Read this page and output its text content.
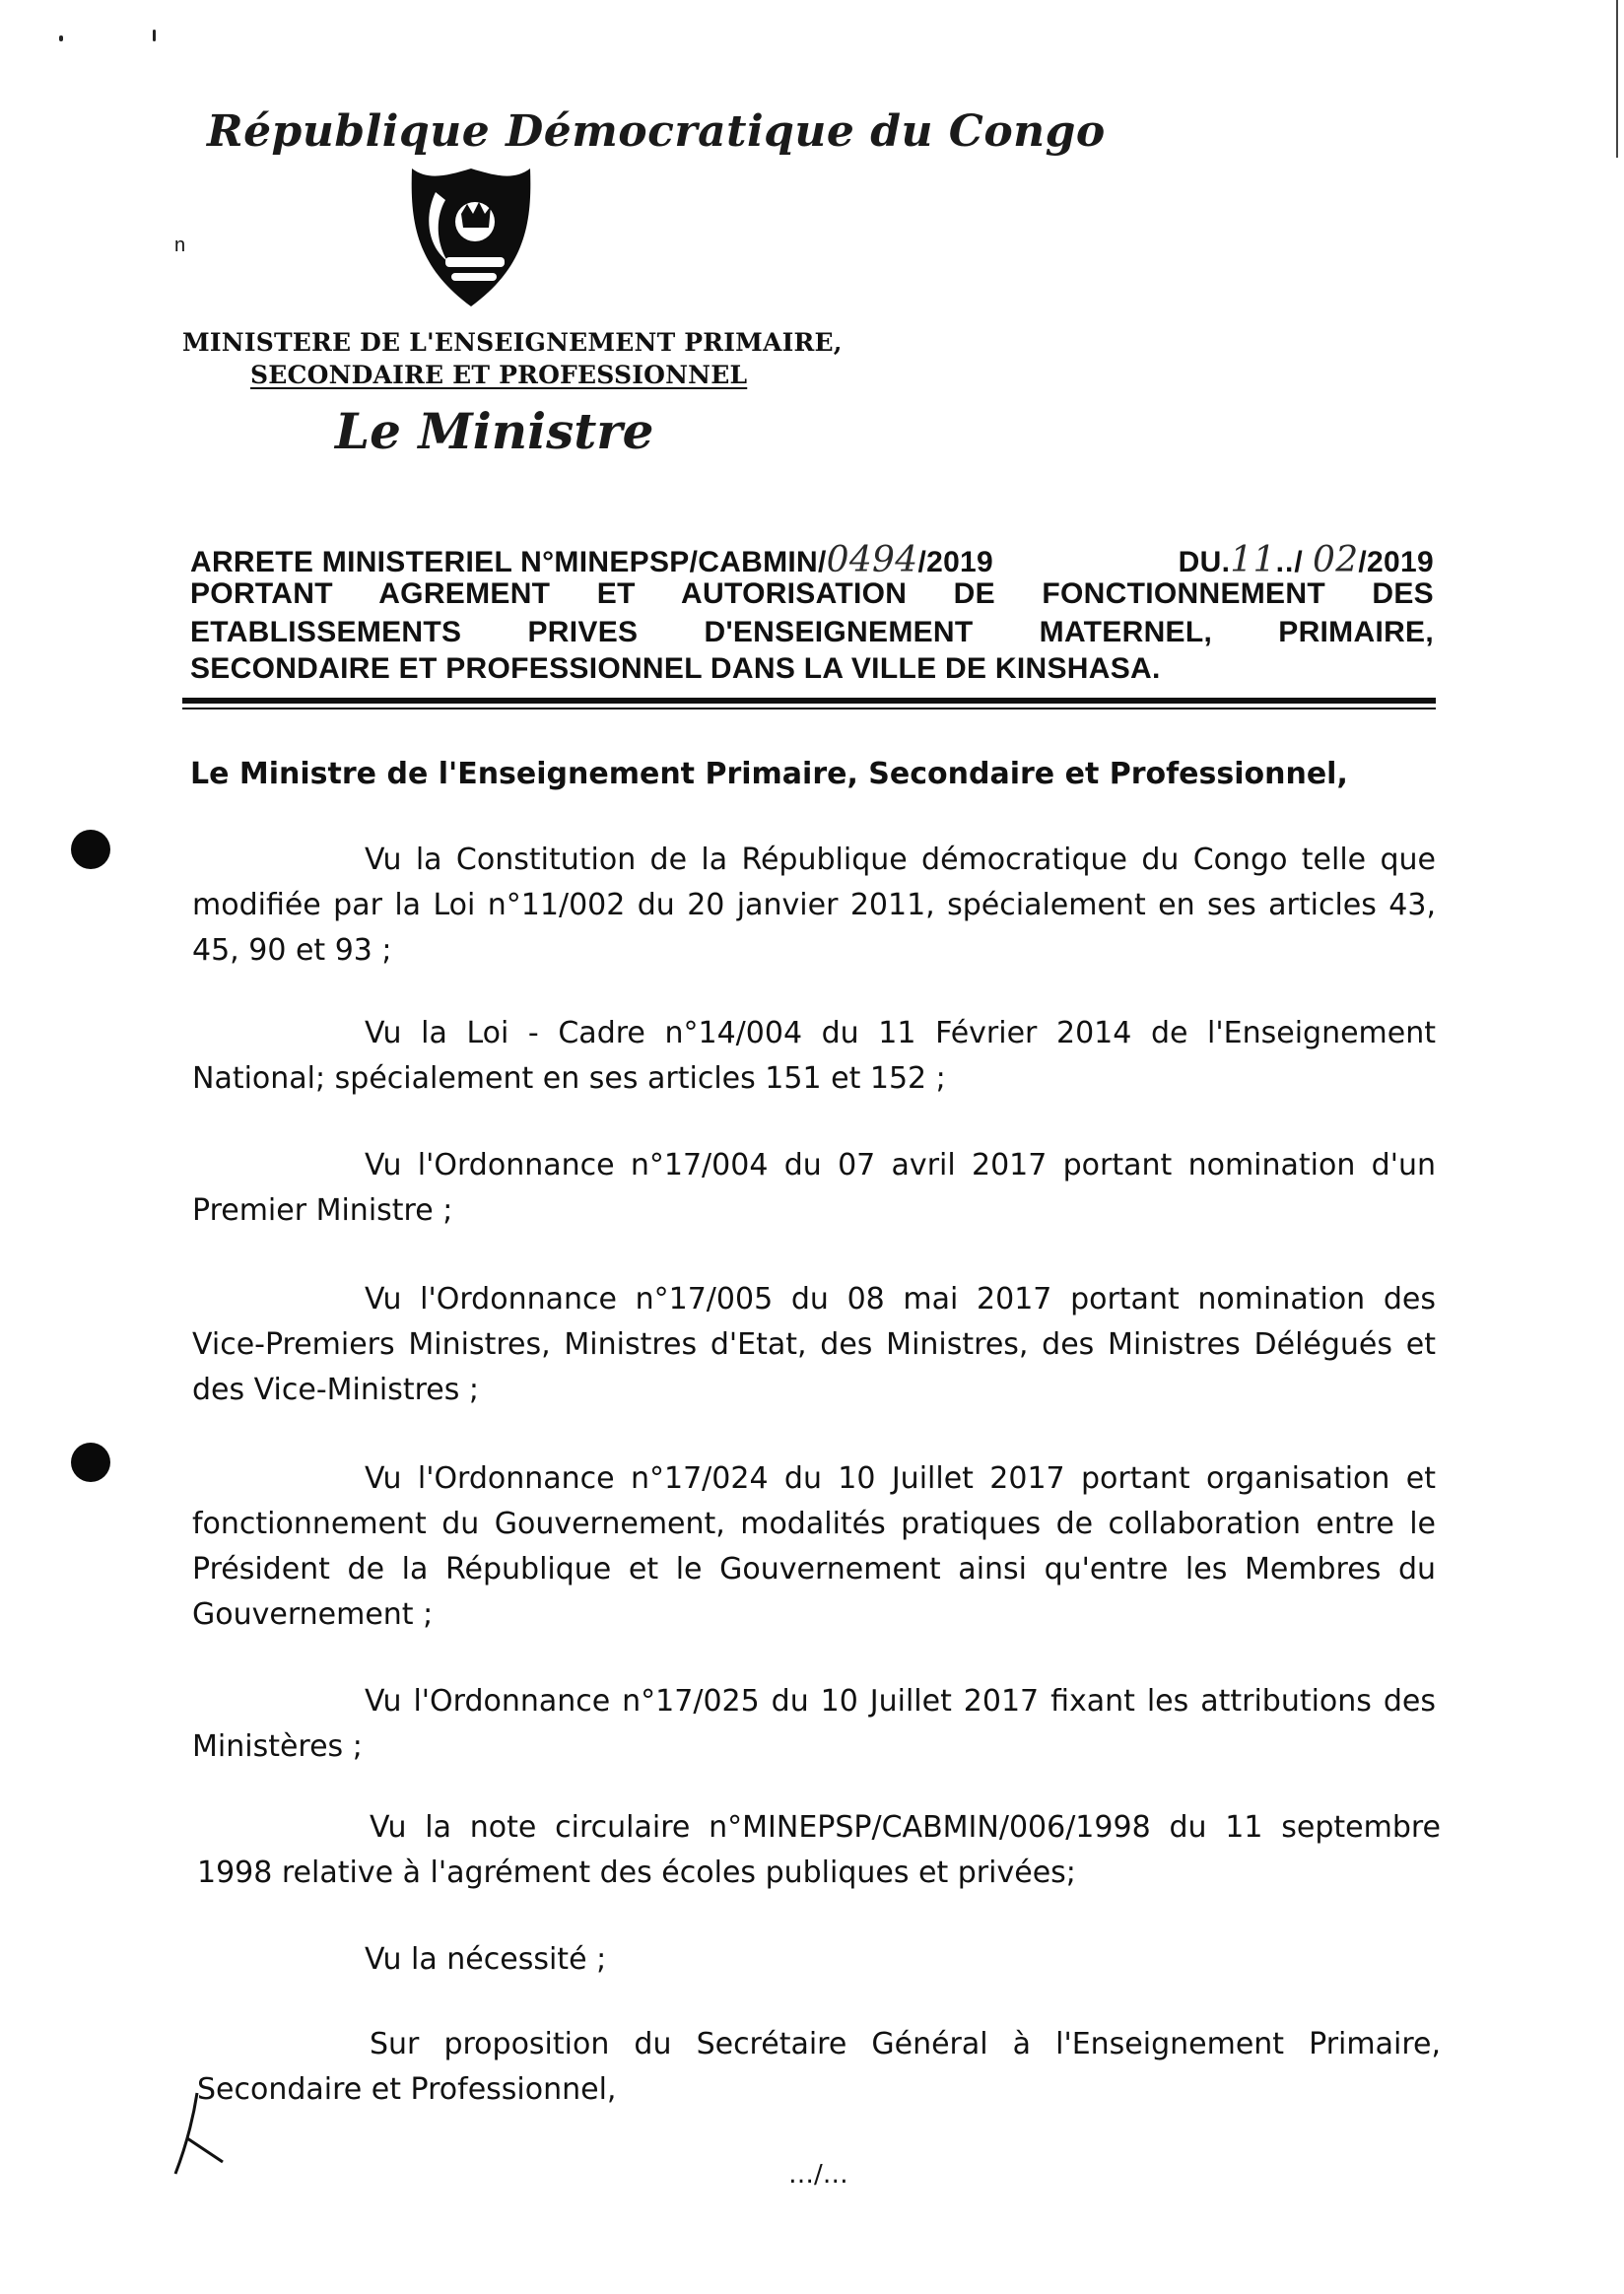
n
République Démocratique du Congo
MINISTERE DE L'ENSEIGNEMENT PRIMAIRE,
SECONDAIRE ET PROFESSIONNEL
Le Ministre
ARRETE MINISTERIEL N°MINEPSP/CABMIN/0494/2019	DU.11../ 02/2019
PORTANT AGREMENT ET AUTORISATION DE FONCTIONNEMENT DES
ETABLISSEMENTS PRIVES D'ENSEIGNEMENT MATERNEL, PRIMAIRE,
SECONDAIRE ET PROFESSIONNEL DANS LA VILLE DE KINSHASA.
Le Ministre de l'Enseignement Primaire, Secondaire et Professionnel,

Vu la Constitution de la République démocratique du Congo telle que modifiée par la Loi n°11/002 du 20 janvier 2011, spécialement en ses articles 43, 45, 90 et 93 ;

Vu la Loi - Cadre n°14/004 du 11 Février 2014 de l'Enseignement National; spécialement en ses articles 151 et 152 ;

Vu l'Ordonnance n°17/004 du 07 avril 2017 portant nomination d'un Premier Ministre ;

Vu l'Ordonnance n°17/005 du 08 mai 2017 portant nomination des Vice-Premiers Ministres, Ministres d'Etat, des Ministres, des Ministres Délégués et des Vice-Ministres ;

Vu l'Ordonnance n°17/024 du 10 Juillet 2017 portant organisation et fonctionnement du Gouvernement, modalités pratiques de collaboration entre le Président de la République et le Gouvernement ainsi qu'entre les Membres du Gouvernement ;

Vu l'Ordonnance n°17/025 du 10 Juillet 2017 fixant les attributions des Ministères ;

Vu la note circulaire n°MINEPSP/CABMIN/006/1998 du 11 septembre 1998 relative à l'agrément des écoles publiques et privées;

Vu la nécessité ;

Sur proposition du Secrétaire Général à l'Enseignement Primaire, Secondaire et Professionnel,

…/…
